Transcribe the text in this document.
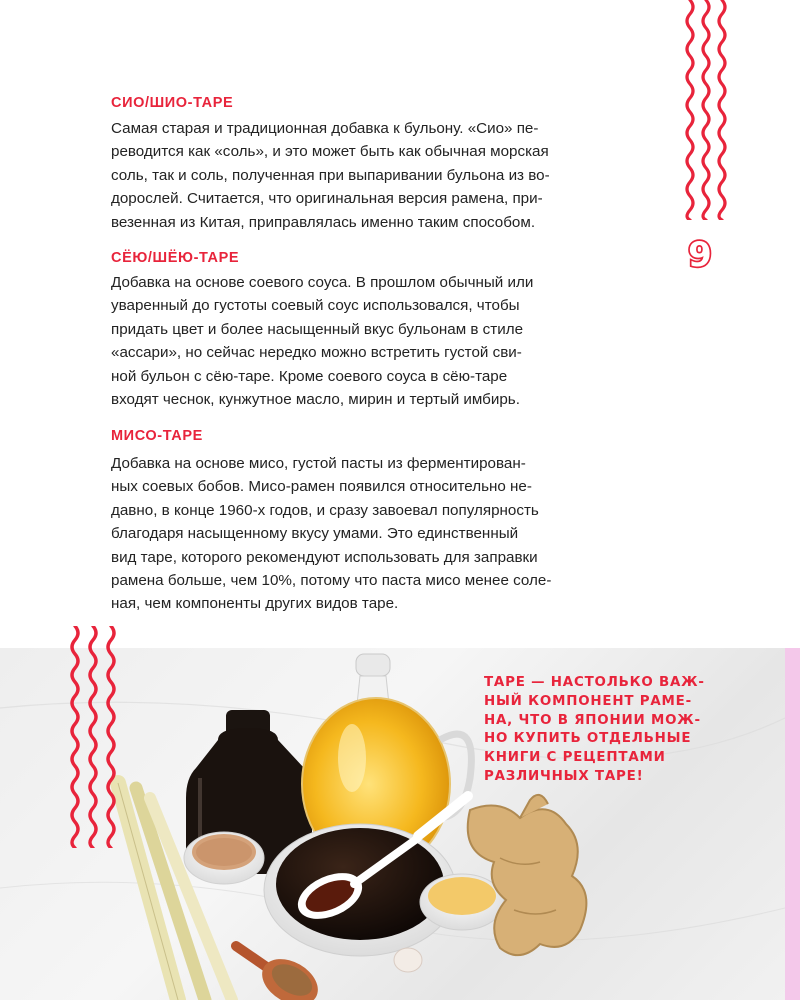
9
СИО/ШИО-ТАРЕ
Самая старая и традиционная добавка к бульону. «Сио» пе-
реводится как «соль», и это может быть как обычная морская
соль, так и соль, полученная при выпаривании бульона из во-
дорослей. Считается, что оригинальная версия рамена, при-
везенная из Китая, приправлялась именно таким способом.
СЁЮ/ШЁЮ-ТАРЕ
Добавка на основе соевого соуса. В прошлом обычный или
уваренный до густоты соевый соус использовался, чтобы
придать цвет и более насыщенный вкус бульонам в стиле
«ассари», но сейчас нередко можно встретить густой сви-
ной бульон с сёю-таре. Кроме соевого соуса в сёю-таре
входят чеснок, кунжутное масло, мирин и тертый имбирь.
МИСО-ТАРЕ
Добавка на основе мисо, густой пасты из ферментирован-
ных соевых бобов. Мисо-рамен появился относительно не-
давно, в конце 1960-х годов, и сразу завоевал популярность
благодаря насыщенному вкусу умами. Это единственный
вид таре, которого рекомендуют использовать для заправки
рамена больше, чем 10%, потому что паста мисо менее соле-
ная, чем компоненты других видов таре.
ТАРЕ — НАСТОЛЬКО ВАЖ-
НЫЙ КОМПОНЕНТ РАМЕ-
НА, ЧТО В ЯПОНИИ МОЖ-
НО КУПИТЬ ОТДЕЛЬНЫЕ
КНИГИ С РЕЦЕПТАМИ
РАЗЛИЧНЫХ ТАРЕ!
